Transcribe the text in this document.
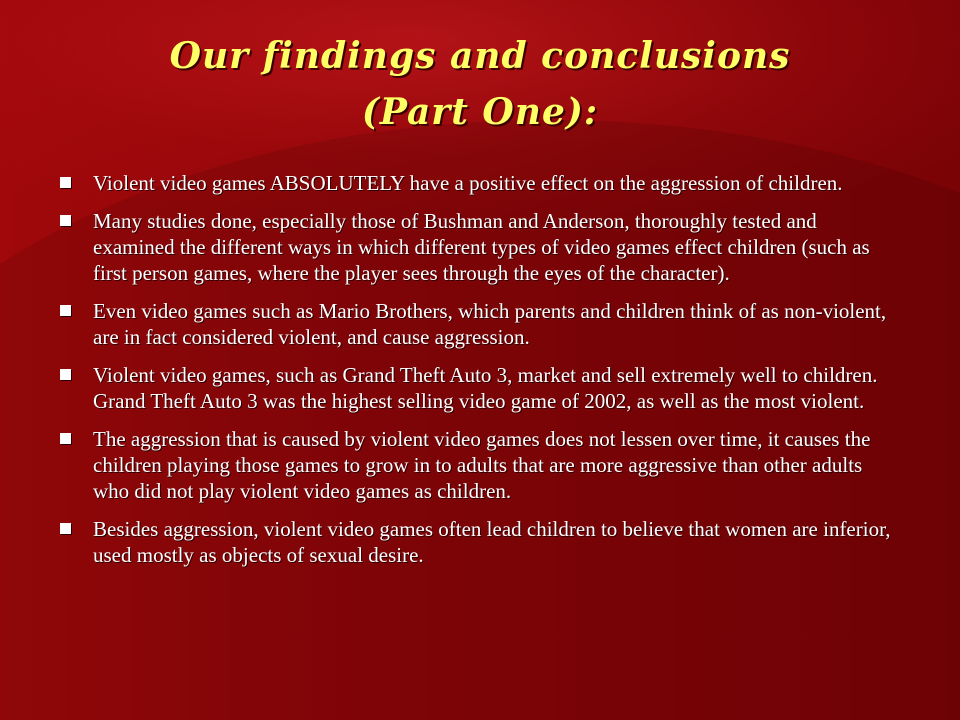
Our findings and conclusions
(Part One):
Violent video games ABSOLUTELY have a positive effect on the aggression of children.
Many studies done, especially those of Bushman and Anderson, thoroughly tested and examined the different ways in which different types of video games effect children (such as first person games, where the player sees through the eyes of the character).
Even video games such as Mario Brothers, which parents and children think of as non-violent, are in fact considered violent, and cause aggression.
Violent video games, such as Grand Theft Auto 3, market and sell extremely well to children. Grand Theft Auto 3 was the highest selling video game of 2002, as well as the most violent.
The aggression that is caused by violent video games does not lessen over time, it causes the children playing those games to grow in to adults that are more aggressive than other adults who did not play violent video games as children.
Besides aggression, violent video games often lead children to believe that women are inferior, used mostly as objects of sexual desire.
